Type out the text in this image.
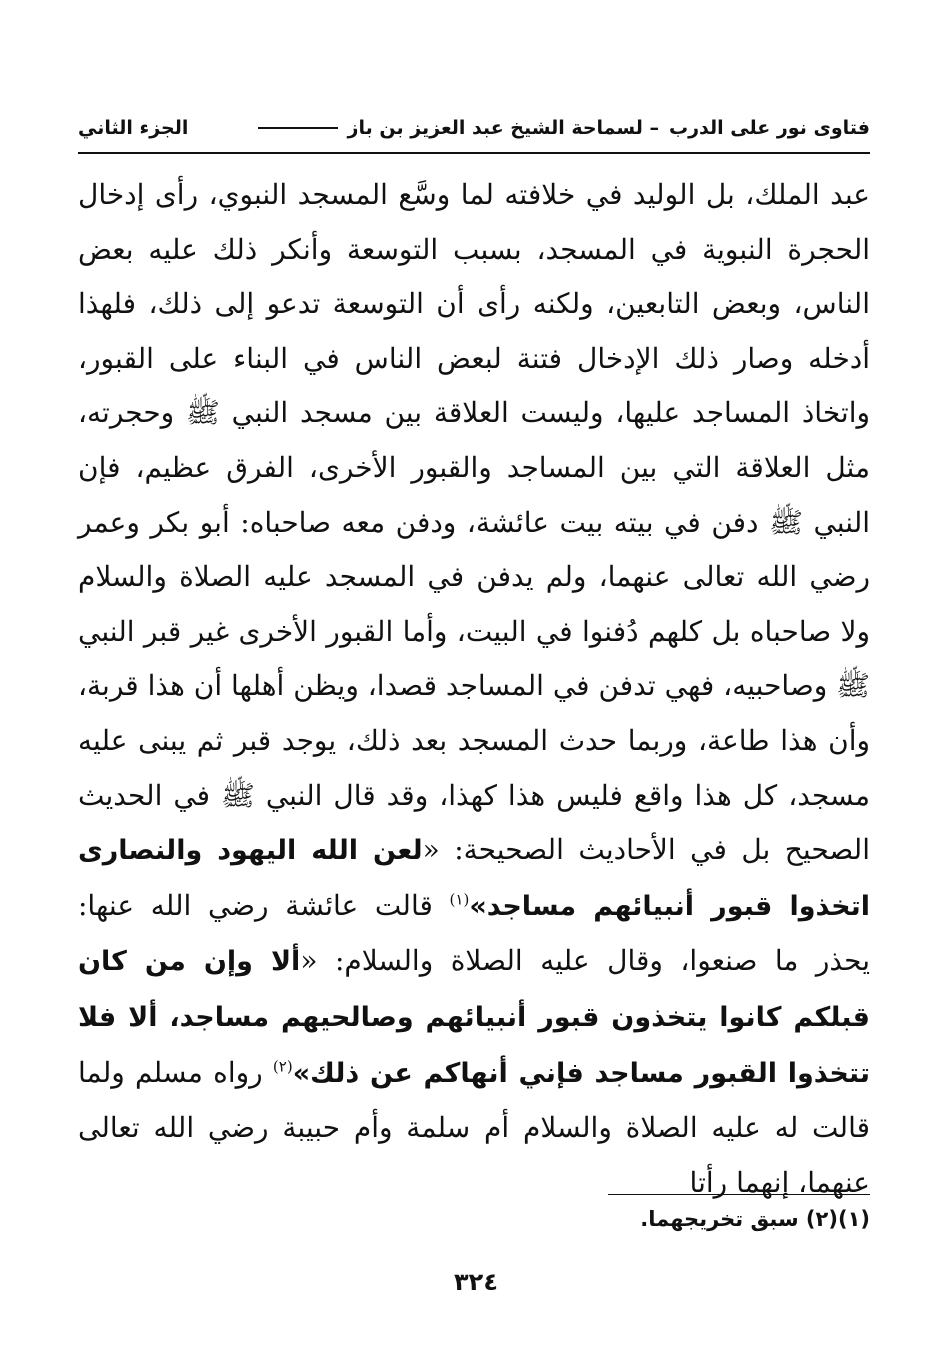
فتاوى نور على الدرب
– لسماحة الشيخ عبد العزيز بن باز
الجزء الثاني
عبد الملك، بل الوليد في خلافته لما وسَّع المسجد النبوي، رأى إدخال الحجرة النبوية في المسجد، بسبب التوسعة وأنكر ذلك عليه بعض الناس، وبعض التابعين، ولكنه رأى أن التوسعة تدعو إلى ذلك، فلهذا أدخله وصار ذلك الإدخال فتنة لبعض الناس في البناء على القبور، واتخاذ المساجد عليها، وليست العلاقة بين مسجد النبي ﷺ وحجرته، مثل العلاقة التي بين المساجد والقبور الأخرى، الفرق عظيم، فإن النبي ﷺ دفن في بيته بيت عائشة، ودفن معه صاحباه: أبو بكر وعمر رضي الله تعالى عنهما، ولم يدفن في المسجد عليه الصلاة والسلام ولا صاحباه بل كلهم دُفنوا في البيت، وأما القبور الأخرى غير قبر النبي ﷺ وصاحبيه، فهي تدفن في المساجد قصدا، ويظن أهلها أن هذا قربة، وأن هذا طاعة، وربما حدث المسجد بعد ذلك، يوجد قبر ثم يبنى عليه مسجد، كل هذا واقع فليس هذا كهذا، وقد قال النبي ﷺ في الحديث الصحيح بل في الأحاديث الصحيحة: «لعن الله اليهود والنصارى اتخذوا قبور أنبيائهم مساجد»$^{(١)}$ قالت عائشة رضي الله عنها: يحذر ما صنعوا، وقال عليه الصلاة والسلام: «ألا وإن من كان قبلكم كانوا يتخذون قبور أنبيائهم وصالحيهم مساجد، ألا فلا تتخذوا القبور مساجد فإني أنهاكم عن ذلك»$^{(٢)}$ رواه مسلم ولما قالت له عليه الصلاة والسلام أم سلمة وأم حبيبة رضي الله تعالى عنهما، إنهما رأتا
(١)(٢) سبق تخريجهما.
٣٢٤
